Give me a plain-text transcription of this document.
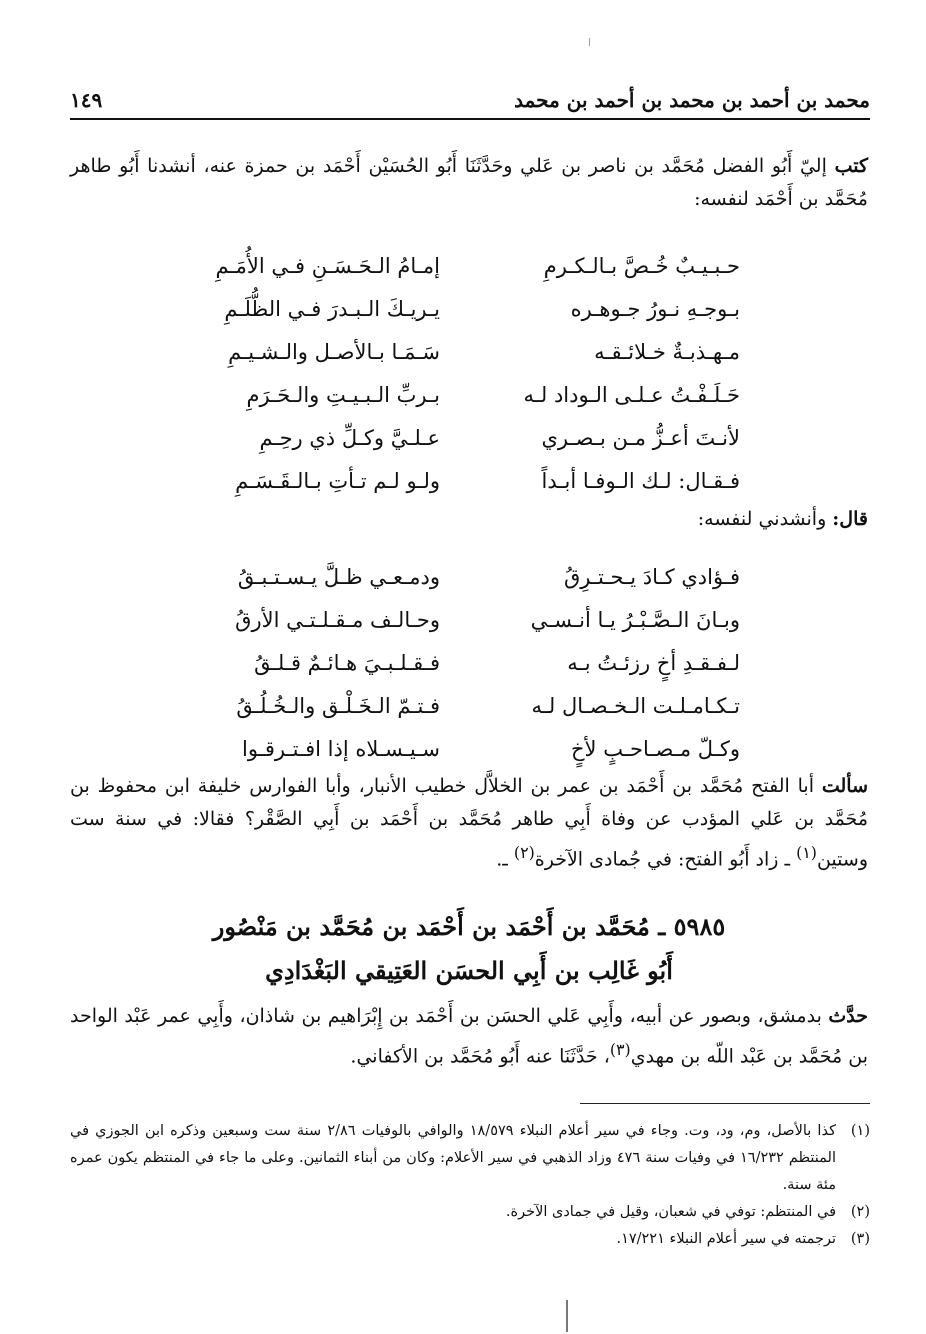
١٤٩	محمد بن أحمد بن محمد بن أحمد بن محمد
كتب إليّ أَبُو الفضل مُحَمَّد بن ناصر بن عَلي وحَدَّثَنَا أَبُو الحُسَيْن أَحْمَد بن حمزة عنه، أنشدنا أَبُو طاهر مُحَمَّد بن أَحْمَد لنفسه:
حـبـيـبٌ خُـصَّ بـالـكـرمِ
إمـامُ الـحَـسَـنِ فـي الأُمَـمِ
بـوجـهِ نـورُ جـوهـره
يـريـكَ الـبـدرَ فـي الظُّلَـمِ
مـهـذبـةٌ خـلائـقـه
سَـمَـا بـالأصـل والـشـيـمِ
حَـلَـفْـتُ عـلـى الـوداد لـه
بـربِّ الـبـيـتِ والـحَـرَمِ
لأنـتَ أعـزُّ مـن بـصـري
عـلـيَّ وكـلِّ ذي رحِـمِ
فـقـال: لـك الـوفـا أبـداً
ولـو لـم تـأتِ بـالـقَـسَـمِ
قال: وأنشدني لنفسه:
فـؤادي كـادَ يـحـتـرِقُ
ودمـعـي ظـلَّ يـسـتـبـقُ
وبـانَ الـصَّـبْـرُ يـا أنـسـي
وحـالـف مـقـلـتـي الأرقُ
لـفـقـدِ أخٍ رزئـتُ بـه
فـقـلـبـيَ هـائـمٌ قـلـقُ
تـكـامـلـت الـخـصـال لـه
فـتـمّ الـخَـلْـق والـخُـلُـقُ
وكـلّ مـصـاحـبٍ لأخٍ
سـيـسـلاه إذا افـتـرقـوا
سألت أبا الفتح مُحَمَّد بن أَحْمَد بن عمر بن الخلاَّل خطيب الأنبار، وأبا الفوارس خليفة ابن محفوظ بن مُحَمَّد بن عَلي المؤدب عن وفاة أَبِي طاهر مُحَمَّد بن أَحْمَد بن أَبِي الصَّقْر؟ فقالا: في سنة ست وستين$^{(١)}$ ـ زاد أَبُو الفتح: في جُمادى الآخرة$^{(٢)}$ ـ.
٥٩٨٥ ـ مُحَمَّد بن أَحْمَد بن أَحْمَد بن مُحَمَّد بن مَنْصُور
أَبُو غَالِب بن أَبِي الحسَن العَتِيقي البَغْدَادِي
حدَّث بدمشق، وبصور عن أبيه، وأَبِي عَلي الحسَن بن أَحْمَد بن إِبْرَاهيم بن شاذان، وأَبِي عمر عَبْد الواحد بن مُحَمَّد بن عَبْد اللّه بن مهدي$^{(٣)}$، حَدَّثَنَا عنه أَبُو مُحَمَّد بن الأكفاني.
(١)
كذا بالأصل، وم، ود، وت. وجاء في سير أعلام النبلاء ١٨/٥٧٩ والوافي بالوفيات ٢/٨٦ سنة ست وسبعين وذكره ابن الجوزي في المنتظم ١٦/٢٣٢ في وفيات سنة ٤٧٦ وزاد الذهبي في سير الأعلام: وكان من أبناء الثمانين. وعلى ما جاء في المنتظم يكون عمره مئة سنة.
(٢)
في المنتظم: توفي في شعبان، وقيل في جمادى الآخرة.
(٣)
ترجمته في سير أعلام النبلاء ١٧/٢٢١.
